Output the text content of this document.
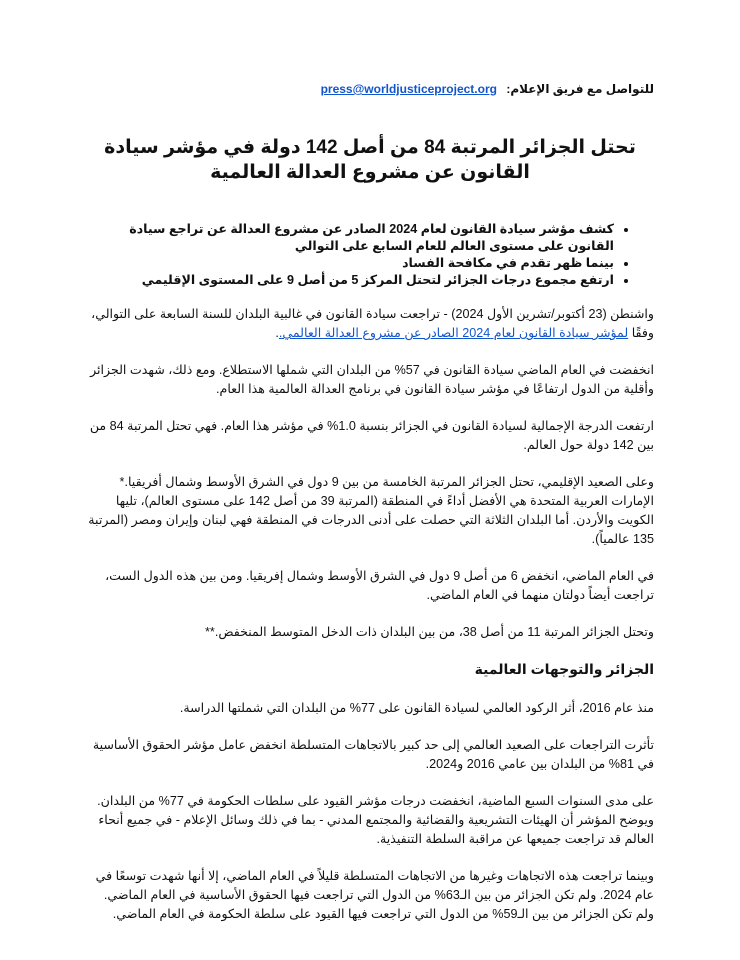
للتواصل مع فريق الإعلام: press@worldjusticeproject.org
تحتل الجزائر المرتبة 84 من أصل 142 دولة في مؤشر سيادة القانون عن مشروع العدالة العالمية
• كشف مؤشر سيادة القانون لعام 2024 الصادر عن مشروع العدالة عن تراجع سيادة القانون على مستوى العالم للعام السابع على التوالي
• بينما ظهر تقدم في مكافحة الفساد
• ارتفع مجموع درجات الجزائر لتحتل المركز 5 من أصل 9 على المستوى الإقليمي

واشنطن (23 أكتوبر/تشرين الأول 2024) - تراجعت سيادة القانون في غالبية البلدان للسنة السابعة على التوالي، وفقًا لمؤشر سيادة القانون لعام 2024 الصادر عن مشروع العدالة العالمي..

انخفضت في العام الماضي سيادة القانون في 57% من البلدان التي شملها الاستطلاع. ومع ذلك، شهدت الجزائر وأقلية من الدول ارتفاعًا في مؤشر سيادة القانون في برنامج العدالة العالمية هذا العام.

ارتفعت الدرجة الإجمالية لسيادة القانون في الجزائر بنسبة 1.0% في مؤشر هذا العام. فهي تحتل المرتبة 84 من بين 142 دولة حول العالم.

وعلى الصعيد الإقليمي، تحتل الجزائر المرتبة الخامسة من بين 9 دول في الشرق الأوسط وشمال أفريقيا.* الإمارات العربية المتحدة هي الأفضل أداءً في المنطقة (المرتبة 39 من أصل 142 على مستوى العالم)، تليها الكويت والأردن. أما البلدان الثلاثة التي حصلت على أدنى الدرجات في المنطقة فهي لبنان وإيران ومصر (المرتبة 135 عالمياً).

في العام الماضي، انخفض 6 من أصل 9 دول في الشرق الأوسط وشمال إفريقيا. ومن بين هذه الدول الست، تراجعت أيضاً دولتان منهما في العام الماضي.

وتحتل الجزائر المرتبة 11 من أصل 38، من بين البلدان ذات الدخل المتوسط المنخفض.**

الجزائر والتوجهات العالمية

منذ عام 2016، أثر الركود العالمي لسيادة القانون على 77% من البلدان التي شملتها الدراسة.

تأثرت التراجعات على الصعيد العالمي إلى حد كبير بالاتجاهات المتسلطة انخفض عامل مؤشر الحقوق الأساسية في 81% من البلدان بين عامي 2016 و2024.

على مدى السنوات السبع الماضية، انخفضت درجات مؤشر القيود على سلطات الحكومة في 77% من البلدان. ويوضح المؤشر أن الهيئات التشريعية والقضائية والمجتمع المدني - بما في ذلك وسائل الإعلام - في جميع أنحاء العالم قد تراجعت جميعها عن مراقبة السلطة التنفيذية.

وبينما تراجعت هذه الاتجاهات وغيرها من الاتجاهات المتسلطة قليلاً في العام الماضي، إلا أنها شهدت توسعًا في عام 2024. ولم تكن الجزائر من بين الـ63% من الدول التي تراجعت فيها الحقوق الأساسية في العام الماضي. ولم تكن الجزائر من بين الـ59% من الدول التي تراجعت فيها القيود على سلطة الحكومة في العام الماضي.
